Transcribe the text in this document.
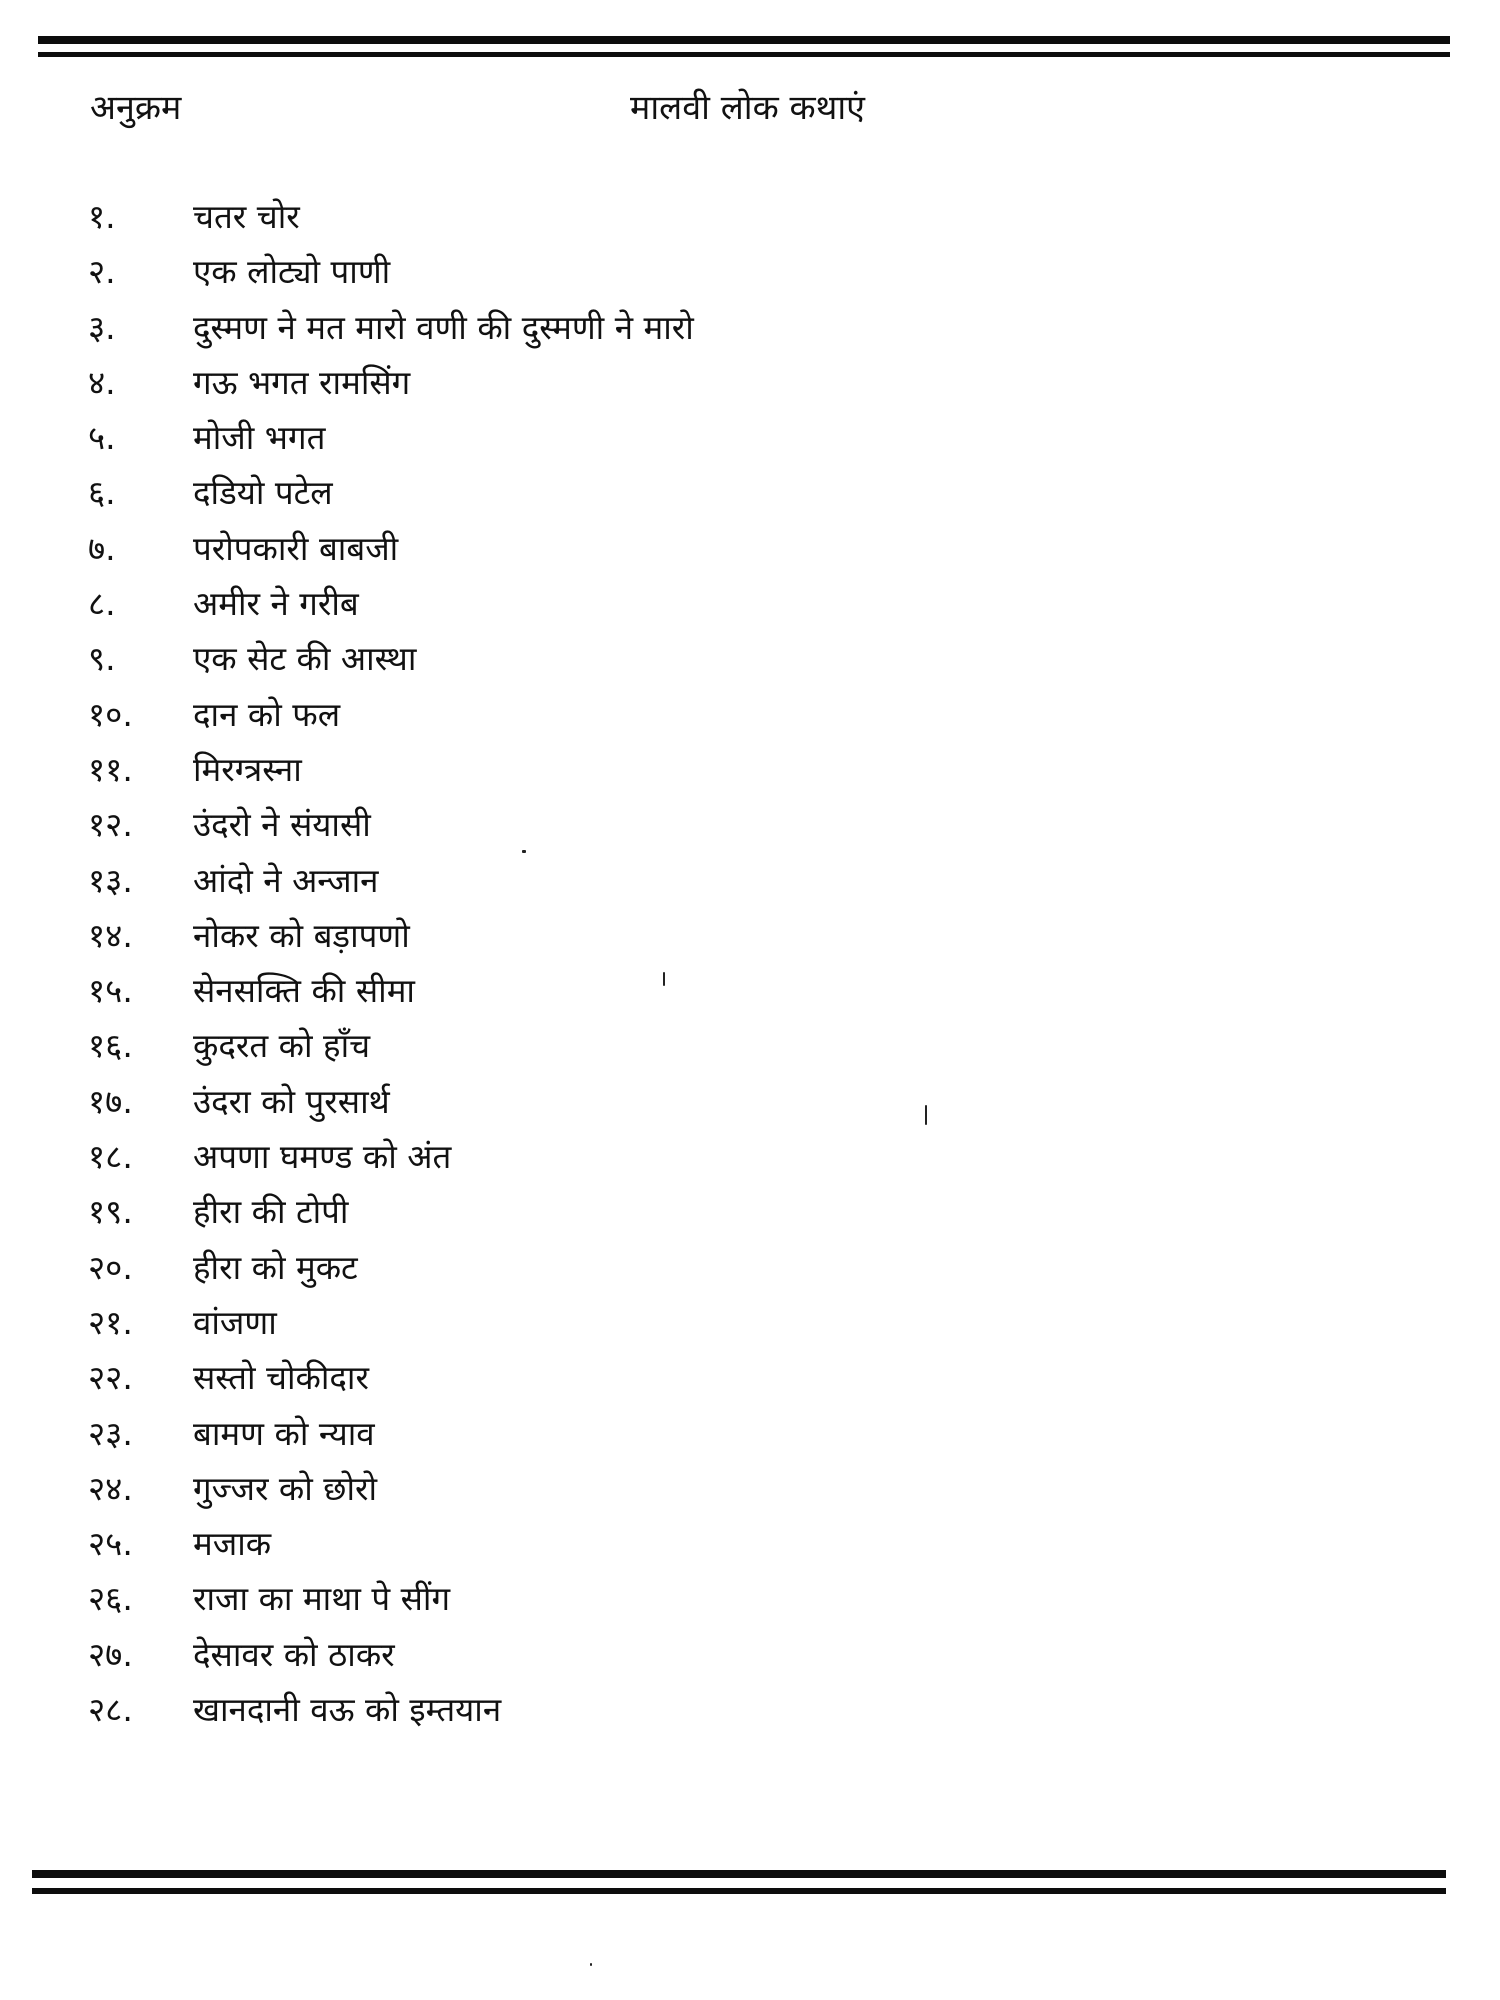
अनुक्रम	मालवी लोक कथाएं
१. चतर चोर
२. एक लोट्यो पाणी
३. दुस्मण ने मत मारो वणी की दुस्मणी ने मारो
४. गऊ भगत रामसिंग
५. मोजी भगत
६. दडियो पटेल
७. परोपकारी बाबजी
८. अमीर ने गरीब
९. एक सेट की आस्था
१०. दान को फल
११. मिरग्त्रस्ना
१२. उंदरो ने संयासी
१३. आंदो ने अन्जान
१४. नोकर को बड़ापणो
१५. सेनसक्ति की सीमा
१६. कुदरत को हाँच
१७. उंदरा को पुरसार्थ
१८. अपणा घमण्ड को अंत
१९. हीरा की टोपी
२०. हीरा को मुकट
२१. वांजणा
२२. सस्तो चोकीदार
२३. बामण को न्याव
२४. गुज्जर को छोरो
२५. मजाक
२६. राजा का माथा पे सींग
२७. देसावर को ठाकर
२८. खानदानी वऊ को इम्तयान
